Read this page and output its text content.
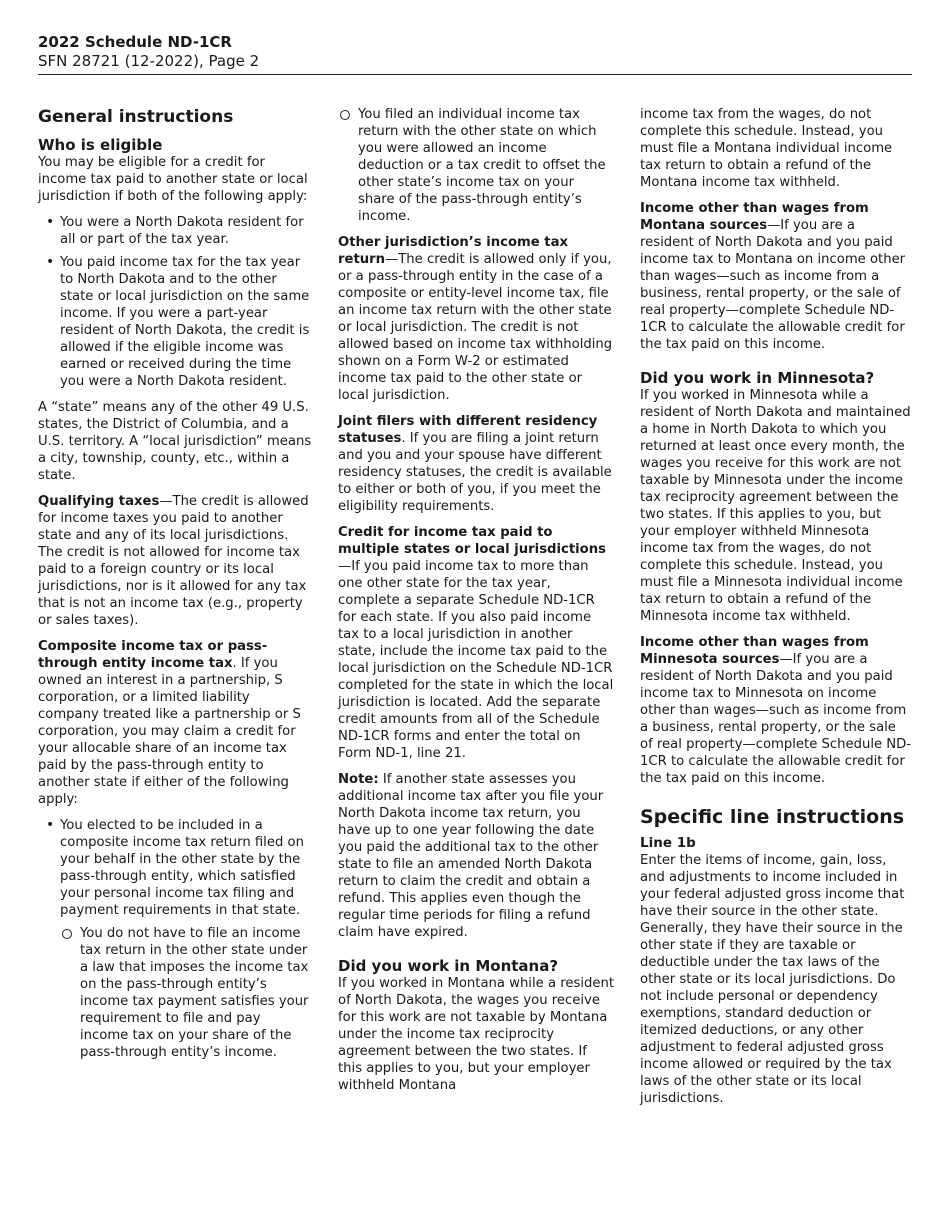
2022 Schedule ND-1CR
SFN 28721 (12-2022), Page 2
General instructions
Who is eligible

You may be eligible for a credit for income tax paid to another state or local jurisdiction if both of the following apply:

• You were a North Dakota resident for all or part of the tax year.
• You paid income tax for the tax year to North Dakota and to the other state or local jurisdiction on the same income. If you were a part-year resident of North Dakota, the credit is allowed if the eligible income was earned or received during the time you were a North Dakota resident.

A “state” means any of the other 49 U.S. states, the District of Columbia, and a U.S. territory. A “local jurisdiction” means a city, township, county, etc., within a state.

Qualifying taxes—The credit is allowed for income taxes you paid to another state and any of its local jurisdictions. The credit is not allowed for income tax paid to a foreign country or its local jurisdictions, nor is it allowed for any tax that is not an income tax (e.g., property or sales taxes).

Composite income tax or pass-through entity income tax. If you owned an interest in a partnership, S corporation, or a limited liability company treated like a partnership or S corporation, you may claim a credit for your allocable share of an income tax paid by the pass-through entity to another state if either of the following apply:

• You elected to be included in a composite income tax return filed on your behalf in the other state by the pass-through entity, which satisfied your personal income tax filing and payment requirements in that state.
You do not have to file an income tax return in the other state under a law that imposes the income tax on the pass-through entity’s income tax payment satisfies your requirement to file and pay income tax on your share of the pass-through entity’s income.
You filed an individual income tax return with the other state on which you were allowed an income deduction or a tax credit to offset the other state’s income tax on your share of the pass-through entity’s income.

Other jurisdiction’s income tax return—The credit is allowed only if you, or a pass-through entity in the case of a composite or entity-level income tax, file an income tax return with the other state or local jurisdiction. The credit is not allowed based on income tax withholding shown on a Form W-2 or estimated income tax paid to the other state or local jurisdiction.

Joint filers with different residency statuses. If you are filing a joint return and you and your spouse have different residency statuses, the credit is available to either or both of you, if you meet the eligibility requirements.

Credit for income tax paid to multiple states or local jurisdictions—If you paid income tax to more than one other state for the tax year, complete a separate Schedule ND-1CR for each state. If you also paid income tax to a local jurisdiction in another state, include the income tax paid to the local jurisdiction on the Schedule ND-1CR completed for the state in which the local jurisdiction is located. Add the separate credit amounts from all of the Schedule ND-1CR forms and enter the total on Form ND-1, line 21.

Note: If another state assesses you additional income tax after you file your North Dakota income tax return, you have up to one year following the date you paid the additional tax to the other state to file an amended North Dakota return to claim the credit and obtain a refund. This applies even though the regular time periods for filing a refund claim have expired.

Did you work in Montana?

If you worked in Montana while a resident of North Dakota, the wages you receive for this work are not taxable by Montana under the income tax reciprocity agreement between the two states. If this applies to you, but your employer withheld Montana

income tax from the wages, do not complete this schedule. Instead, you must file a Montana individual income tax return to obtain a refund of the Montana income tax withheld.

Income other than wages from Montana sources—If you are a resident of North Dakota and you paid income tax to Montana on income other than wages—such as income from a business, rental property, or the sale of real property—complete Schedule ND-1CR to calculate the allowable credit for the tax paid on this income.

Did you work in Minnesota?

If you worked in Minnesota while a resident of North Dakota and maintained a home in North Dakota to which you returned at least once every month, the wages you receive for this work are not taxable by Minnesota under the income tax reciprocity agreement between the two states. If this applies to you, but your employer withheld Minnesota income tax from the wages, do not complete this schedule. Instead, you must file a Minnesota individual income tax return to obtain a refund of the Minnesota income tax withheld.

Income other than wages from Minnesota sources—If you are a resident of North Dakota and you paid income tax to Minnesota on income other than wages—such as income from a business, rental property, or the sale of real property—complete Schedule ND-1CR to calculate the allowable credit for the tax paid on this income.

Specific line instructions
Line 1b

Enter the items of income, gain, loss, and adjustments to income included in your federal adjusted gross income that have their source in the other state. Generally, they have their source in the other state if they are taxable or deductible under the tax laws of the other state or its local jurisdictions. Do not include personal or dependency exemptions, standard deduction or itemized deductions, or any other adjustment to federal adjusted gross income allowed or required by the tax laws of the other state or its local jurisdictions.
